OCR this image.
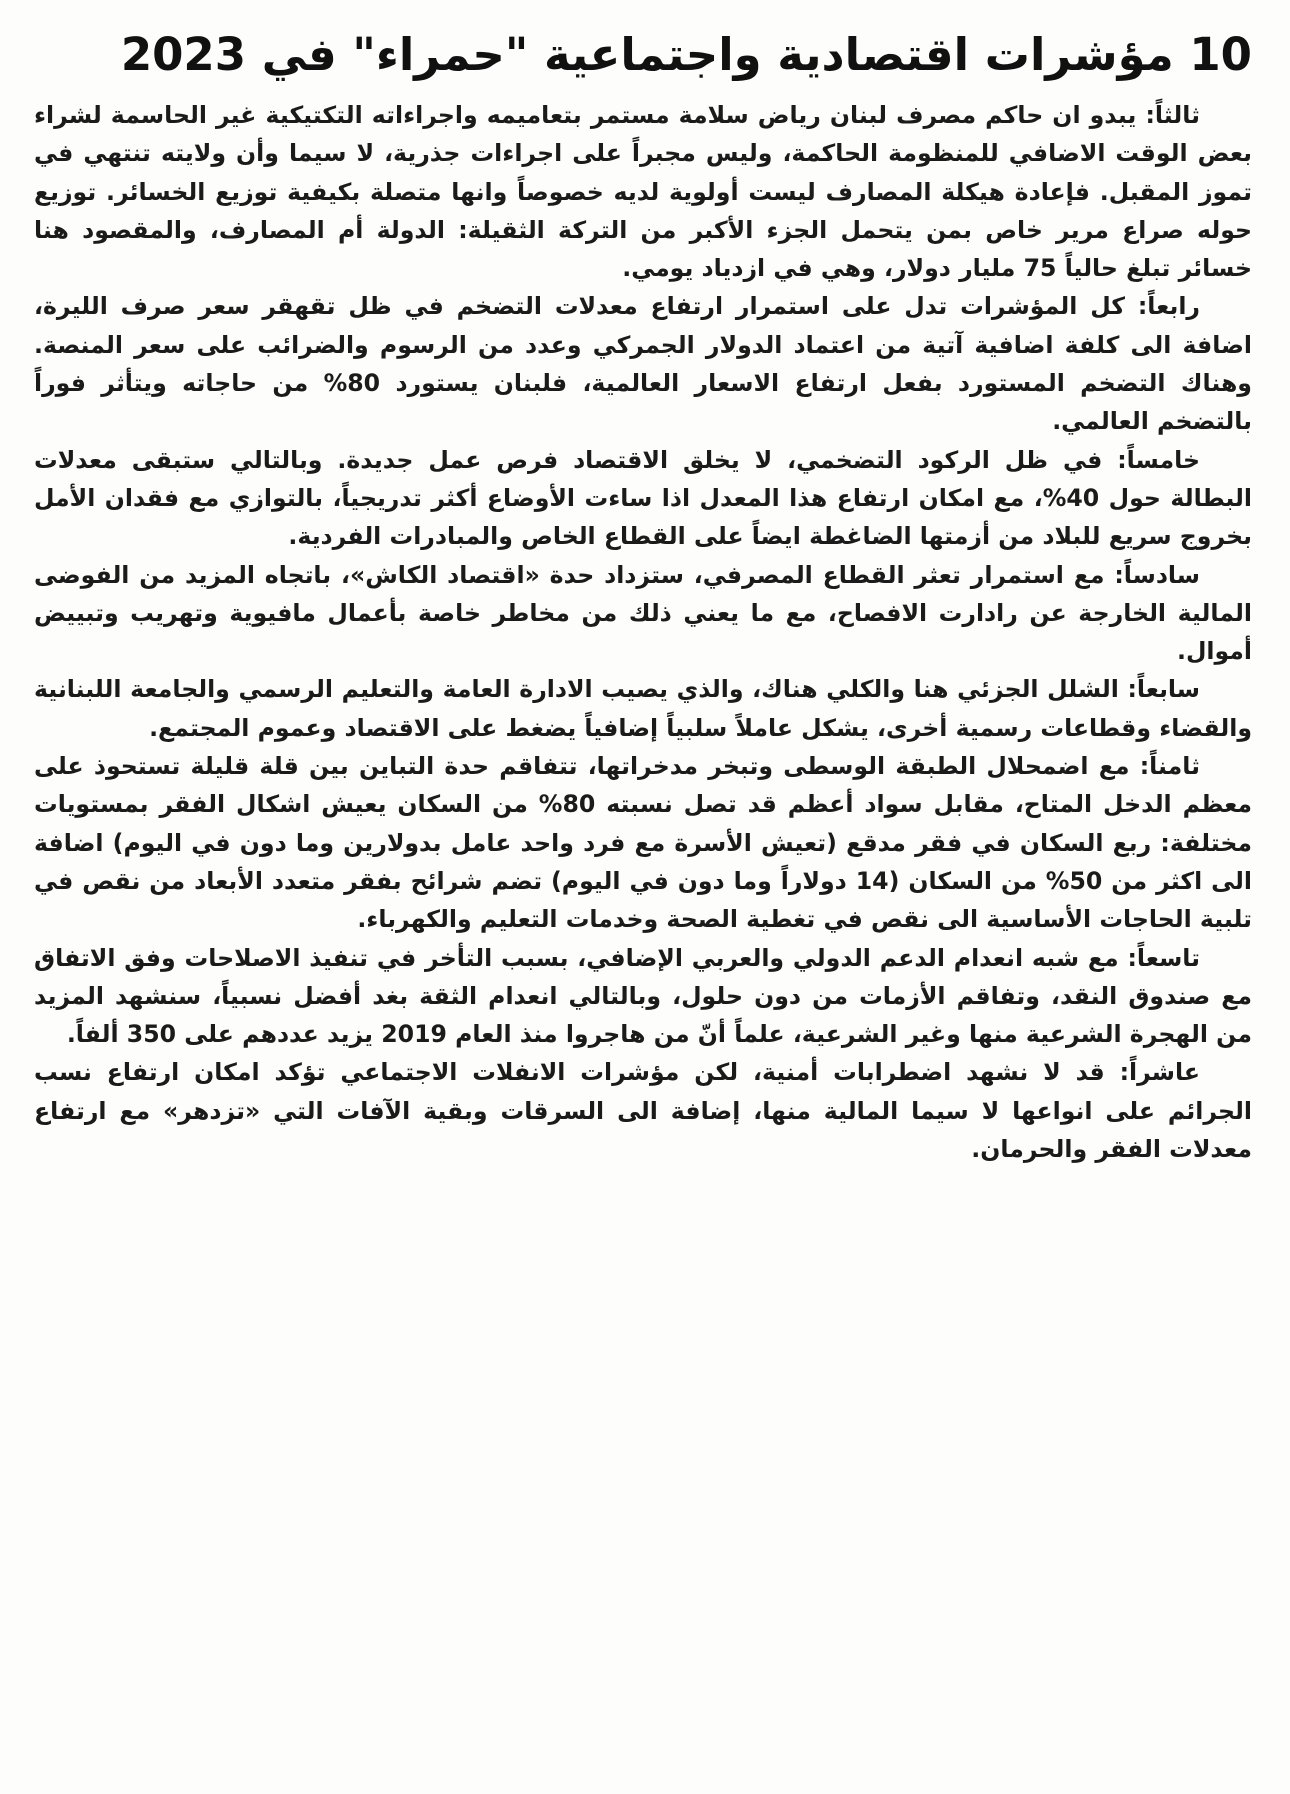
10 مؤشرات اقتصادية واجتماعية "حمراء" في 2023

ثالثاً: يبدو ان حاكم مصرف لبنان رياض سلامة مستمر بتعاميمه واجراءاته التكتيكية غير الحاسمة لشراء بعض الوقت الاضافي للمنظومة الحاكمة، وليس مجبراً على اجراءات جذرية، لا سيما وأن ولايته تنتهي في تموز المقبل. فإعادة هيكلة المصارف ليست أولوية لديه خصوصاً وانها متصلة بكيفية توزيع الخسائر. توزيع حوله صراع مرير خاص بمن يتحمل الجزء الأكبر من التركة الثقيلة: الدولة أم المصارف، والمقصود هنا خسائر تبلغ حالياً 75 مليار دولار، وهي في ازدياد يومي.

رابعاً: كل المؤشرات تدل على استمرار ارتفاع معدلات التضخم في ظل تقهقر سعر صرف الليرة، اضافة الى كلفة اضافية آتية من اعتماد الدولار الجمركي وعدد من الرسوم والضرائب على سعر المنصة. وهناك التضخم المستورد بفعل ارتفاع الاسعار العالمية، فلبنان يستورد 80% من حاجاته ويتأثر فوراً بالتضخم العالمي.

خامساً: في ظل الركود التضخمي، لا يخلق الاقتصاد فرص عمل جديدة. وبالتالي ستبقى معدلات البطالة حول 40%، مع امكان ارتفاع هذا المعدل اذا ساءت الأوضاع أكثر تدريجياً، بالتوازي مع فقدان الأمل بخروج سريع للبلاد من أزمتها الضاغطة ايضاً على القطاع الخاص والمبادرات الفردية.

سادساً: مع استمرار تعثر القطاع المصرفي، ستزداد حدة «اقتصاد الكاش»، باتجاه المزيد من الفوضى المالية الخارجة عن رادارت الافصاح، مع ما يعني ذلك من مخاطر خاصة بأعمال مافيوية وتهريب وتبييض أموال.

سابعاً: الشلل الجزئي هنا والكلي هناك، والذي يصيب الادارة العامة والتعليم الرسمي والجامعة اللبنانية والقضاء وقطاعات رسمية أخرى، يشكل عاملاً سلبياً إضافياً يضغط على الاقتصاد وعموم المجتمع.

ثامناً: مع اضمحلال الطبقة الوسطى وتبخر مدخراتها، تتفاقم حدة التباين بين قلة قليلة تستحوذ على معظم الدخل المتاح، مقابل سواد أعظم قد تصل نسبته 80% من السكان يعيش اشكال الفقر بمستويات مختلفة: ربع السكان في فقر مدقع (تعيش الأسرة مع فرد واحد عامل بدولارين وما دون في اليوم) اضافة الى اكثر من 50% من السكان (14 دولاراً وما دون في اليوم) تضم شرائح بفقر متعدد الأبعاد من نقص في تلبية الحاجات الأساسية الى نقص في تغطية الصحة وخدمات التعليم والكهرباء.

تاسعاً: مع شبه انعدام الدعم الدولي والعربي الإضافي، بسبب التأخر في تنفيذ الاصلاحات وفق الاتفاق مع صندوق النقد، وتفاقم الأزمات من دون حلول، وبالتالي انعدام الثقة بغد أفضل نسبياً، سنشهد المزيد من الهجرة الشرعية منها وغير الشرعية، علماً أنّ من هاجروا منذ العام 2019 يزيد عددهم على 350 ألفاً.

عاشراً: قد لا نشهد اضطرابات أمنية، لكن مؤشرات الانفلات الاجتماعي تؤكد امكان ارتفاع نسب الجرائم على انواعها لا سيما المالية منها، إضافة الى السرقات وبقية الآفات التي «تزدهر» مع ارتفاع معدلات الفقر والحرمان.
